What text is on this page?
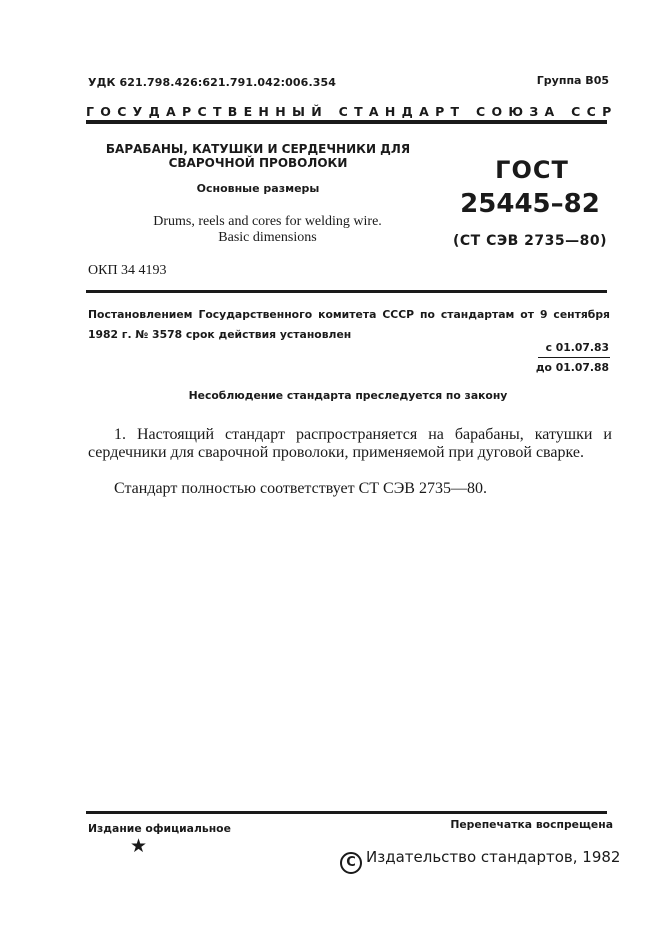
УДК 621.798.426:621.791.042:006.354	Группа В05
ГОСУДАРСТВЕННЫЙ СТАНДАРТ СОЮЗА ССР
БАРАБАНЫ, КАТУШКИ И СЕРДЕЧНИКИ ДЛЯ
СВАРОЧНОЙ ПРОВОЛОКИ
Основные размеры
Drums, reels and cores for welding wire.
Basic dimensions
ГОСТ
25445–82
(СТ СЭВ 2735—80)
ОКП 34 4193
Постановлением Государственного комитета СССР по стандартам от 9 сентября 1982 г. № 3578 срок действия установлен
с 01.07.83
до 01.07.88
Несоблюдение стандарта преследуется по закону
1. Настоящий стандарт распространяется на барабаны, катушки и сердечники для сварочной проволоки, применяемой при дуговой сварке.
Стандарт полностью соответствует СТ СЭВ 2735—80.
Издание официальное
★
Перепечатка воспрещена
C Издательство стандартов, 1982
